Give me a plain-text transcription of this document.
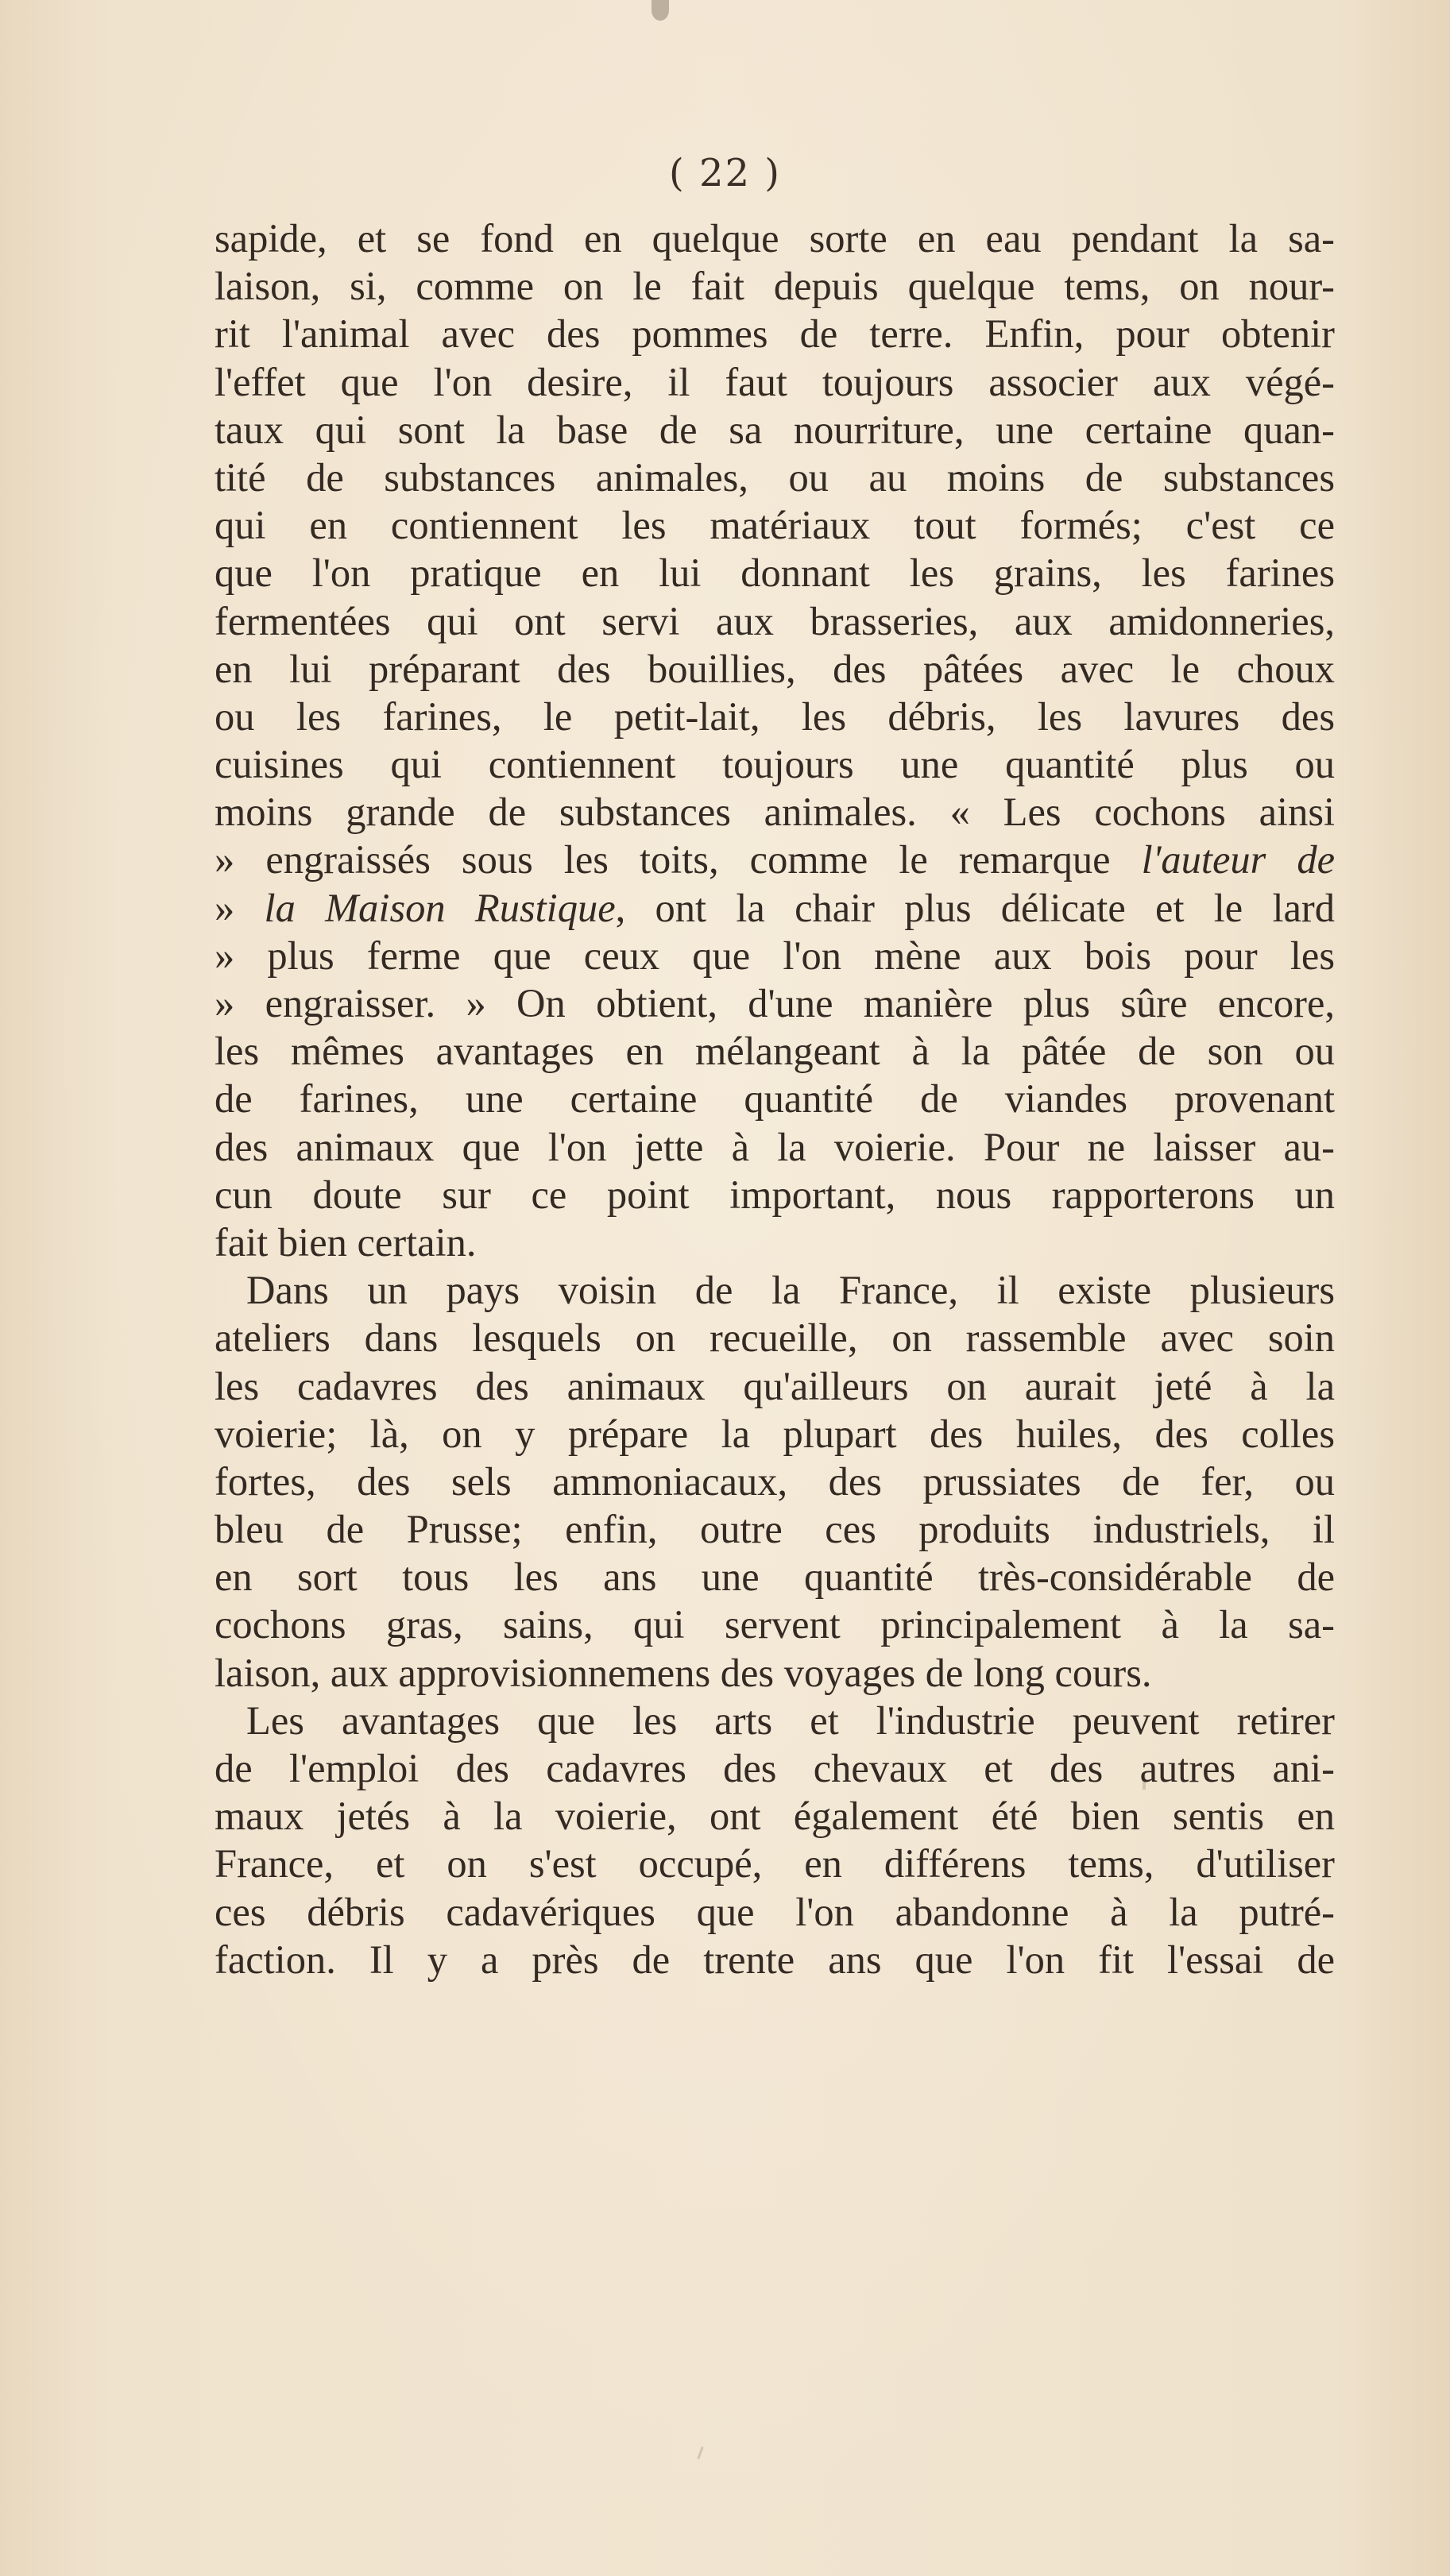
( 22 )
sapide, et se fond en quelque sorte en eau pendant la sa-
laison, si, comme on le fait depuis quelque tems, on nour-
rit l'animal avec des pommes de terre. Enfin, pour obtenir
l'effet que l'on desire, il faut toujours associer aux végé-
taux qui sont la base de sa nourriture, une certaine quan-
tité de substances animales, ou au moins de substances
qui en contiennent les matériaux tout formés; c'est ce
que l'on pratique en lui donnant les grains, les farines
fermentées qui ont servi aux brasseries, aux amidonneries,
en lui préparant des bouillies, des pâtées avec le choux
ou les farines, le petit-lait, les débris, les lavures des
cuisines qui contiennent toujours une quantité plus ou
moins grande de substances animales. « Les cochons ainsi
» engraissés sous les toits, comme le remarque l'auteur de
» la Maison Rustique, ont la chair plus délicate et le lard
» plus ferme que ceux que l'on mène aux bois pour les
» engraisser. » On obtient, d'une manière plus sûre encore,
les mêmes avantages en mélangeant à la pâtée de son ou
de farines, une certaine quantité de viandes provenant
des animaux que l'on jette à la voierie. Pour ne laisser au-
cun doute sur ce point important, nous rapporterons un
fait bien certain.
Dans un pays voisin de la France, il existe plusieurs
ateliers dans lesquels on recueille, on rassemble avec soin
les cadavres des animaux qu'ailleurs on aurait jeté à la
voierie; là, on y prépare la plupart des huiles, des colles
fortes, des sels ammoniacaux, des prussiates de fer, ou
bleu de Prusse; enfin, outre ces produits industriels, il
en sort tous les ans une quantité très-considérable de
cochons gras, sains, qui servent principalement à la sa-
laison, aux approvisionnemens des voyages de long cours.
Les avantages que les arts et l'industrie peuvent retirer
de l'emploi des cadavres des chevaux et des autres ani-
maux jetés à la voierie, ont également été bien sentis en
France, et on s'est occupé, en différens tems, d'utiliser
ces débris cadavériques que l'on abandonne à la putré-
faction. Il y a près de trente ans que l'on fit l'essai de
